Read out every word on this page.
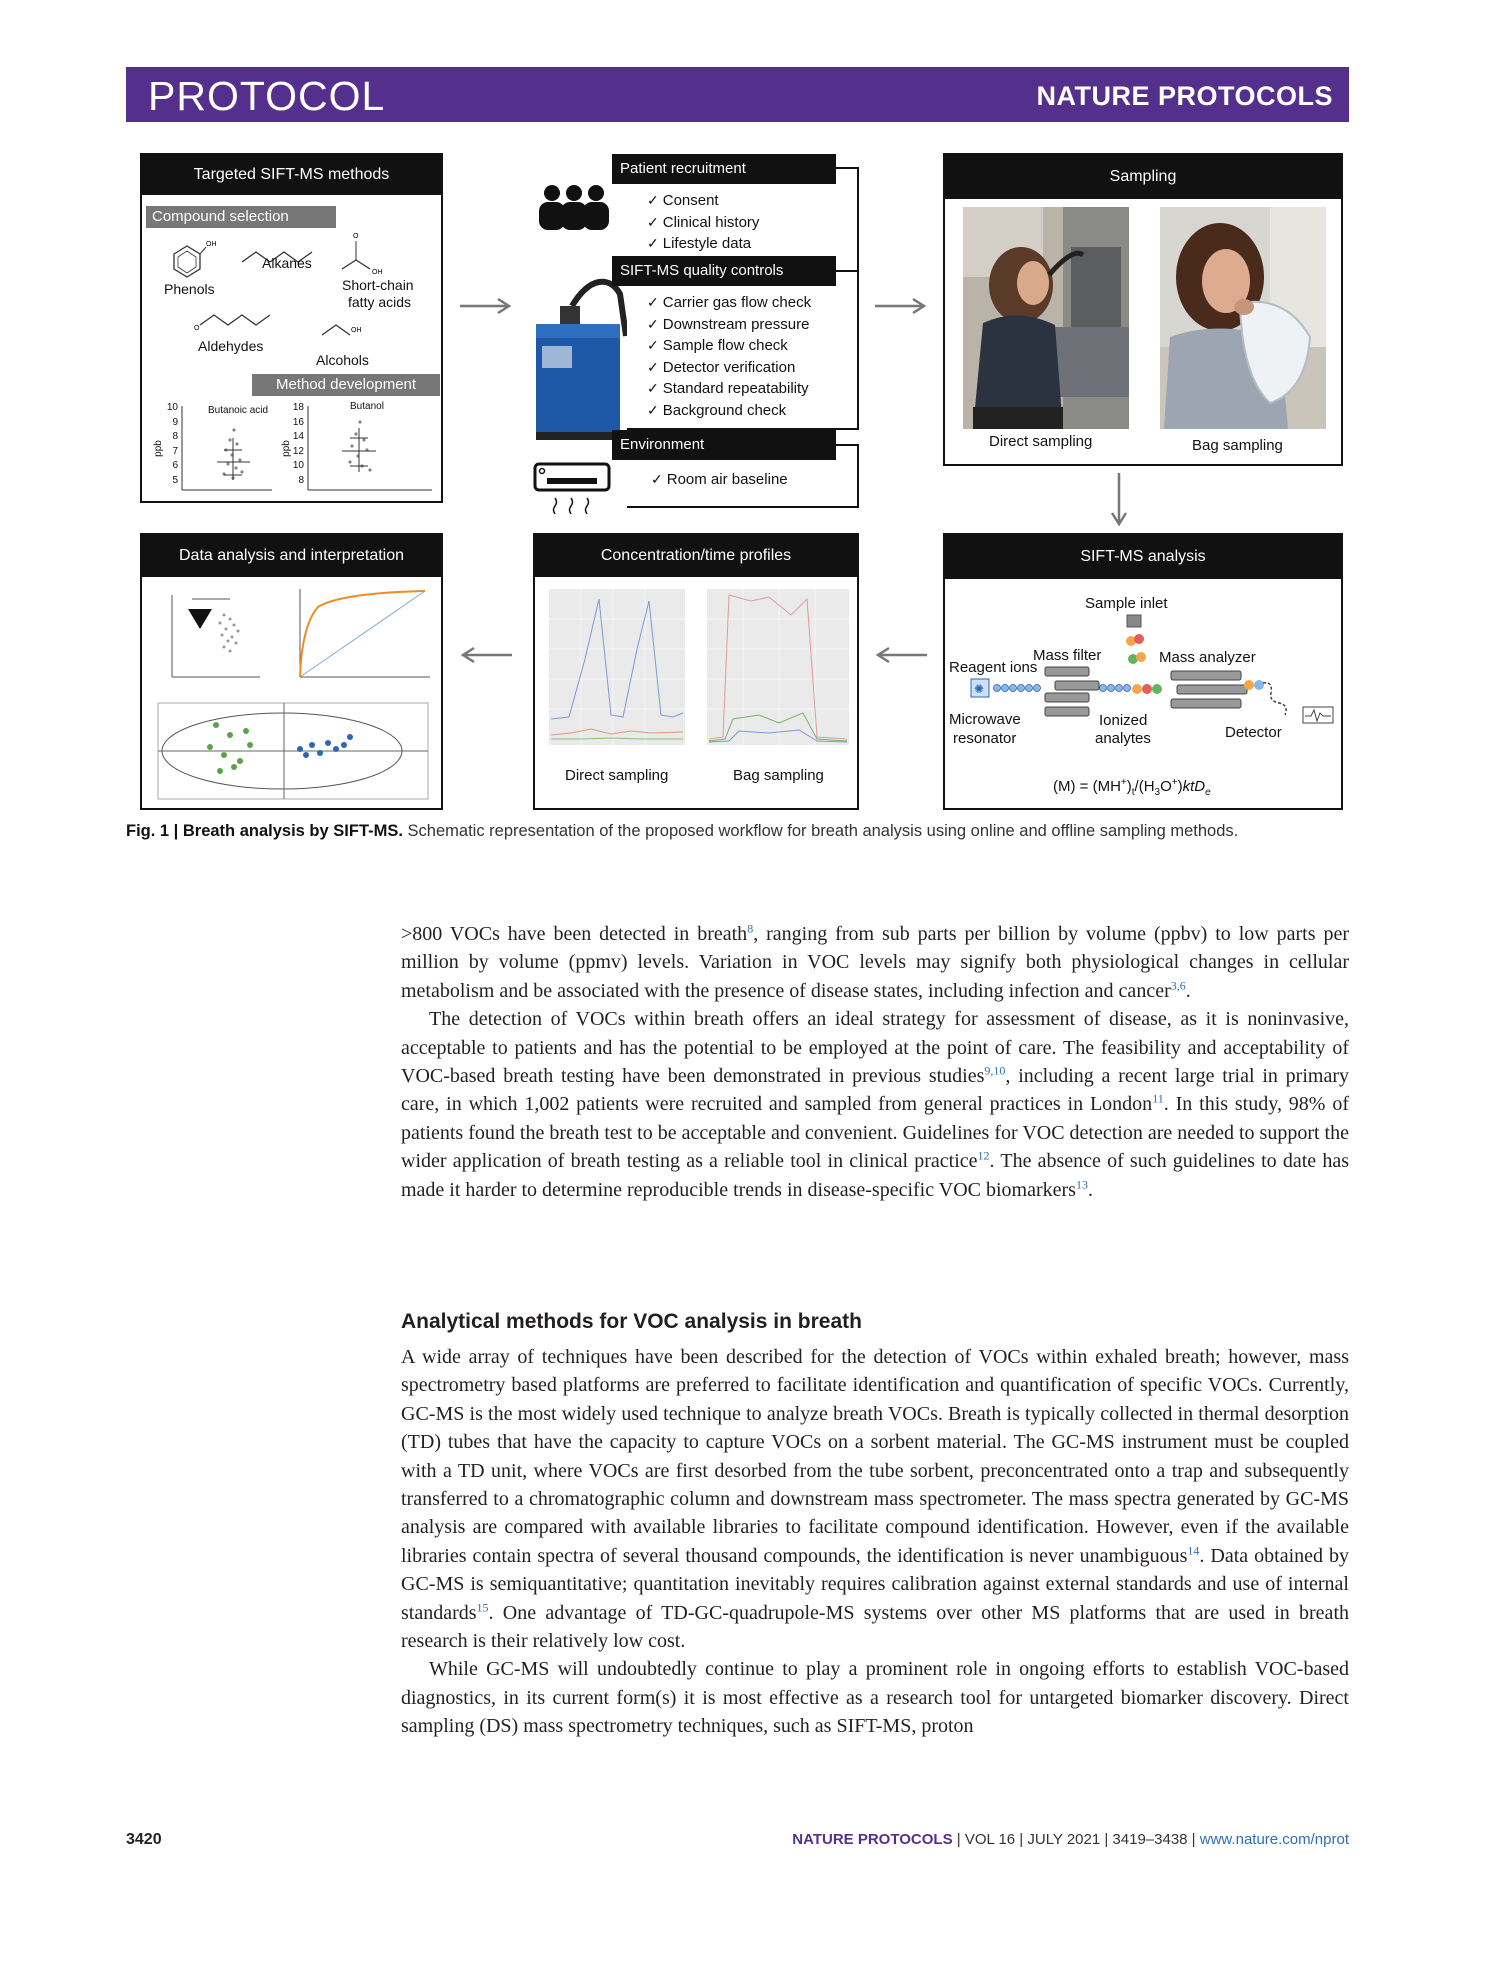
PROTOCOL	NATURE PROTOCOLS
Targeted SIFT-MS methods
Compound selection
OH
O
OH
O	OH
Phenols
Alkanes
Short-chain
fatty acids
Aldehydes
Alcohols
Method development
Butanoic acid	Butanol
ppb	ppb
10
9
8
7
6
5
18
16
14
12
10
8
Patient recruitment
✓ Consent
✓ Clinical history
✓ Lifestyle data
SIFT-MS quality controls
✓ Carrier gas flow check
✓ Downstream pressure
✓ Sample flow check
✓ Detector verification
✓ Standard repeatability
✓ Background check
Environment
✓ Room air baseline
Sampling
Direct sampling	Bag sampling
Data analysis and interpretation	Concentration/time profiles
Direct sampling	Bag sampling
SIFT-MS analysis
Sample inlet
Mass filter	Mass analyzer
Reagent ions
Microwave
resonator
Ionized
analytes	Detector
$(M) = (MH^+)_t/(H_3O^+)ktD_e$
✺
Fig. 1 | Breath analysis by SIFT-MS. Schematic representation of the proposed workflow for breath analysis using online and offline sampling methods.

>800 VOCs have been detected in breath$^8$, ranging from sub parts per billion by volume (ppbv) to low parts per million by volume (ppmv) levels. Variation in VOC levels may signify both physiological changes in cellular metabolism and be associated with the presence of disease states, including infection and cancer$^{3,6}$.

The detection of VOCs within breath offers an ideal strategy for assessment of disease, as it is noninvasive, acceptable to patients and has the potential to be employed at the point of care. The feasibility and acceptability of VOC-based breath testing have been demonstrated in previous studies$^{9,10}$, including a recent large trial in primary care, in which 1,002 patients were recruited and sampled from general practices in London$^{11}$. In this study, 98% of patients found the breath test to be acceptable and convenient. Guidelines for VOC detection are needed to support the wider application of breath testing as a reliable tool in clinical practice$^{12}$. The absence of such guidelines to date has made it harder to determine reproducible trends in disease-specific VOC biomarkers$^{13}$.

Analytical methods for VOC analysis in breath

A wide array of techniques have been described for the detection of VOCs within exhaled breath; however, mass spectrometry based platforms are preferred to facilitate identification and quantification of specific VOCs. Currently, GC-MS is the most widely used technique to analyze breath VOCs. Breath is typically collected in thermal desorption (TD) tubes that have the capacity to capture VOCs on a sorbent material. The GC-MS instrument must be coupled with a TD unit, where VOCs are first desorbed from the tube sorbent, preconcentrated onto a trap and subsequently transferred to a chromatographic column and downstream mass spectrometer. The mass spectra generated by GC-MS analysis are compared with available libraries to facilitate compound identification. However, even if the available libraries contain spectra of several thousand compounds, the identification is never unambiguous$^{14}$. Data obtained by GC-MS is semiquantitative; quantitation inevitably requires calibration against external standards and use of internal standards$^{15}$. One advantage of TD-GC-quadrupole-MS systems over other MS platforms that are used in breath research is their relatively low cost.

While GC-MS will undoubtedly continue to play a prominent role in ongoing efforts to establish VOC-based diagnostics, in its current form(s) it is most effective as a research tool for untargeted biomarker discovery. Direct sampling (DS) mass spectrometry techniques, such as SIFT-MS, proton

3420	NATURE PROTOCOLS | VOL 16 | JULY 2021 | 3419–3438 | www.nature.com/nprot
